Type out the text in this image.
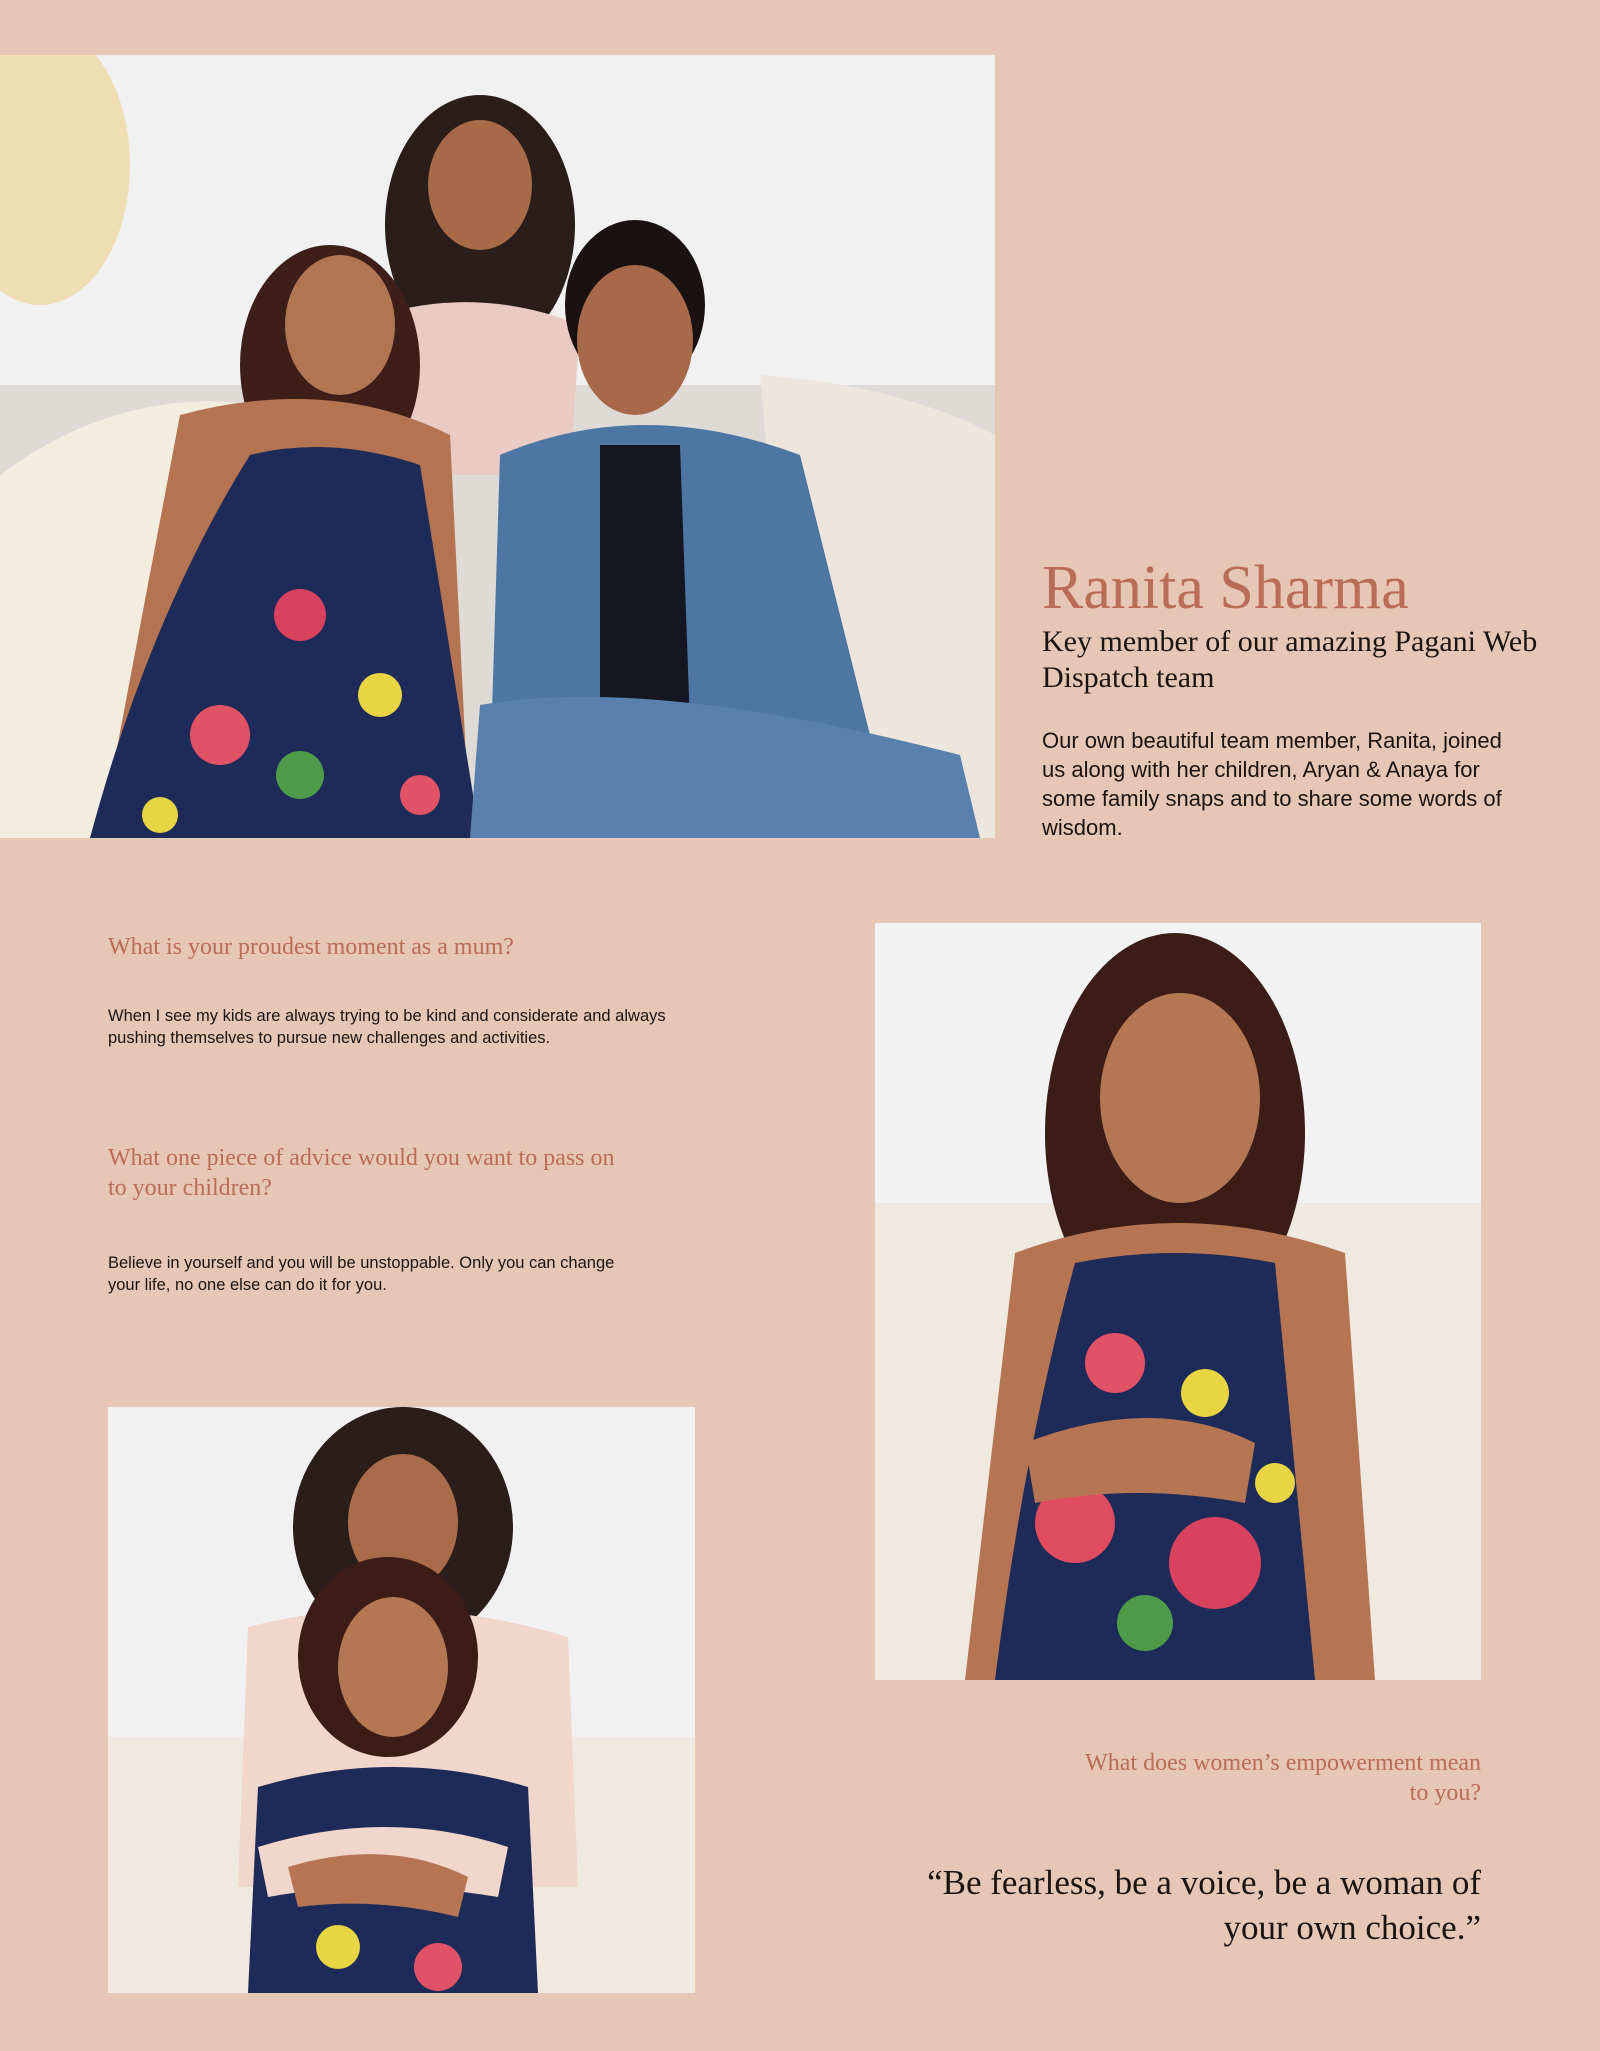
Ranita Sharma
Key member of our amazing Pagani Web Dispatch team

Our own beautiful team member, Ranita, joined us along with her children, Aryan & Anaya for some family snaps and to share some words of wisdom.

What is your proudest moment as a mum?

When I see my kids are always trying to be kind and considerate and always pushing themselves to pursue new challenges and activities.

What one piece of advice would you want to pass on to your children?

Believe in yourself and you will be unstoppable. Only you can change your life, no one else can do it for you.

What does women’s empowerment mean to you?

“Be fearless, be a voice, be a woman of your own choice.”
